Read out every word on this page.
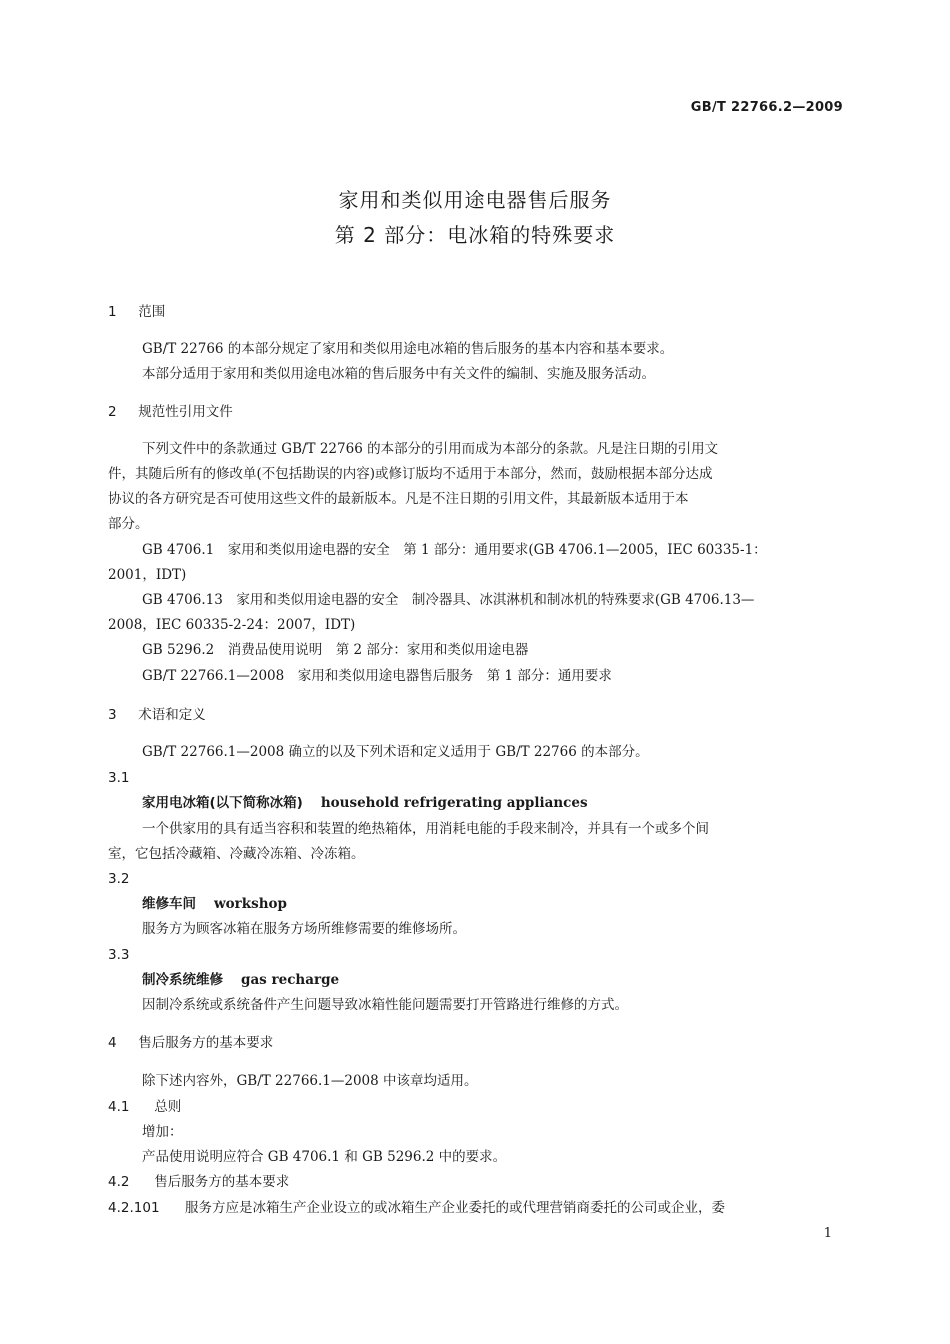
GB/T 22766.2—2009
家用和类似用途电器售后服务
第 2 部分：电冰箱的特殊要求
1 范围
GB/T 22766 的本部分规定了家用和类似用途电冰箱的售后服务的基本内容和基本要求。
本部分适用于家用和类似用途电冰箱的售后服务中有关文件的编制、实施及服务活动。
2 规范性引用文件
下列文件中的条款通过 GB/T 22766 的本部分的引用而成为本部分的条款。凡是注日期的引用文
件，其随后所有的修改单(不包括勘误的内容)或修订版均不适用于本部分，然而，鼓励根据本部分达成
协议的各方研究是否可使用这些文件的最新版本。凡是不注日期的引用文件，其最新版本适用于本
部分。
GB 4706.1　家用和类似用途电器的安全　第 1 部分：通用要求(GB 4706.1—2005，IEC 60335-1：
2001，IDT)
GB 4706.13　家用和类似用途电器的安全　制冷器具、冰淇淋机和制冰机的特殊要求(GB 4706.13—
2008，IEC 60335-2-24：2007，IDT)
GB 5296.2　消费品使用说明　第 2 部分：家用和类似用途电器
GB/T 22766.1—2008　家用和类似用途电器售后服务　第 1 部分：通用要求
3 术语和定义
GB/T 22766.1—2008 确立的以及下列术语和定义适用于 GB/T 22766 的本部分。
3.1
家用电冰箱(以下简称冰箱) household refrigerating appliances
一个供家用的具有适当容积和装置的绝热箱体，用消耗电能的手段来制冷，并具有一个或多个间
室，它包括冷藏箱、冷藏冷冻箱、冷冻箱。
3.2
维修车间 workshop
服务方为顾客冰箱在服务方场所维修需要的维修场所。
3.3
制冷系统维修 gas recharge
因制冷系统或系统备件产生问题导致冰箱性能问题需要打开管路进行维修的方式。
4 售后服务方的基本要求
除下述内容外，GB/T 22766.1—2008 中该章均适用。
4.1 总则
增加：
产品使用说明应符合 GB 4706.1 和 GB 5296.2 中的要求。
4.2 售后服务方的基本要求
4.2.101 服务方应是冰箱生产企业设立的或冰箱生产企业委托的或代理营销商委托的公司或企业，委
1
